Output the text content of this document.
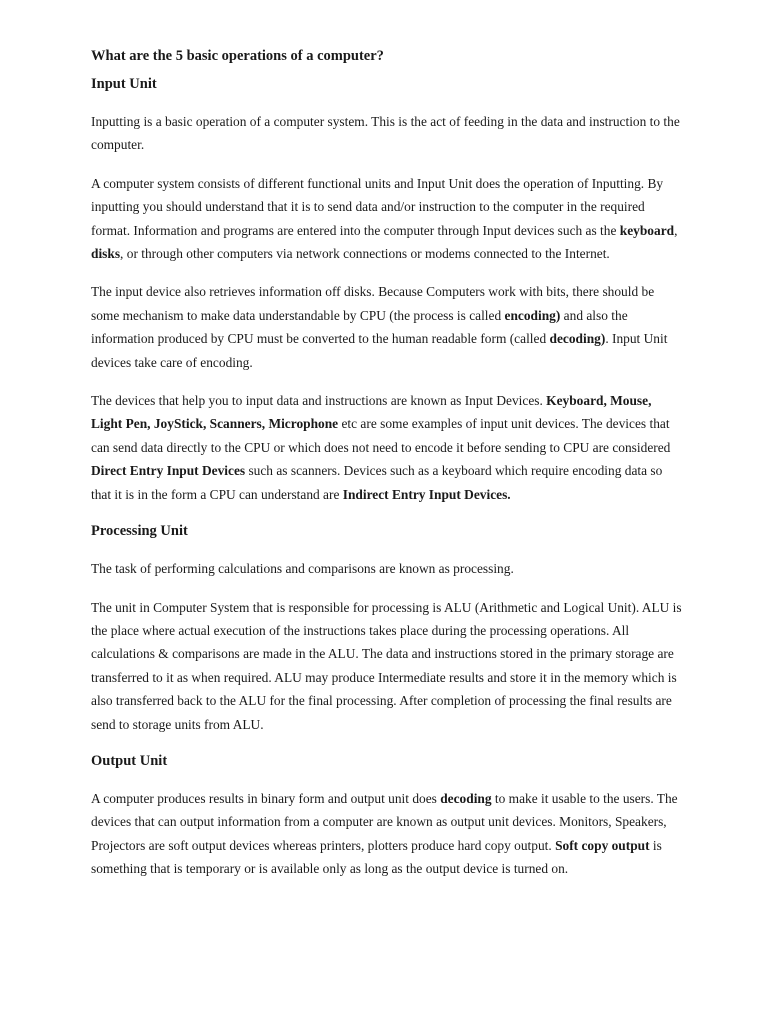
What are the 5 basic operations of a computer?
Input Unit

Inputting is a basic operation of a computer system. This is the act of feeding in the data and instruction to the computer.

A computer system consists of different functional units and Input Unit does the operation of Inputting. By inputting you should understand that it is to send data and/or instruction to the computer in the required format. Information and programs are entered into the computer through Input devices such as the keyboard, disks, or through other computers via network connections or modems connected to the Internet.

The input device also retrieves information off disks. Because Computers work with bits, there should be some mechanism to make data understandable by CPU (the process is called encoding) and also the information produced by CPU must be converted to the human readable form (called decoding). Input Unit devices take care of encoding.

The devices that help you to input data and instructions are known as Input Devices. Keyboard, Mouse, Light Pen, JoyStick, Scanners, Microphone etc are some examples of input unit devices. The devices that can send data directly to the CPU or which does not need to encode it before sending to CPU are considered Direct Entry Input Devices such as scanners. Devices such as a keyboard which require encoding data so that it is in the form a CPU can understand are Indirect Entry Input Devices.

Processing Unit

The task of performing calculations and comparisons are known as processing.

The unit in Computer System that is responsible for processing is ALU (Arithmetic and Logical Unit). ALU is the place where actual execution of the instructions takes place during the processing operations. All calculations & comparisons are made in the ALU. The data and instructions stored in the primary storage are transferred to it as when required. ALU may produce Intermediate results and store it in the memory which is also transferred back to the ALU for the final processing. After completion of processing the final results are send to storage units from ALU.

Output Unit

A computer produces results in binary form and output unit does decoding to make it usable to the users. The devices that can output information from a computer are known as output unit devices. Monitors, Speakers, Projectors are soft output devices whereas printers, plotters produce hard copy output. Soft copy output is something that is temporary or is available only as long as the output device is turned on.
